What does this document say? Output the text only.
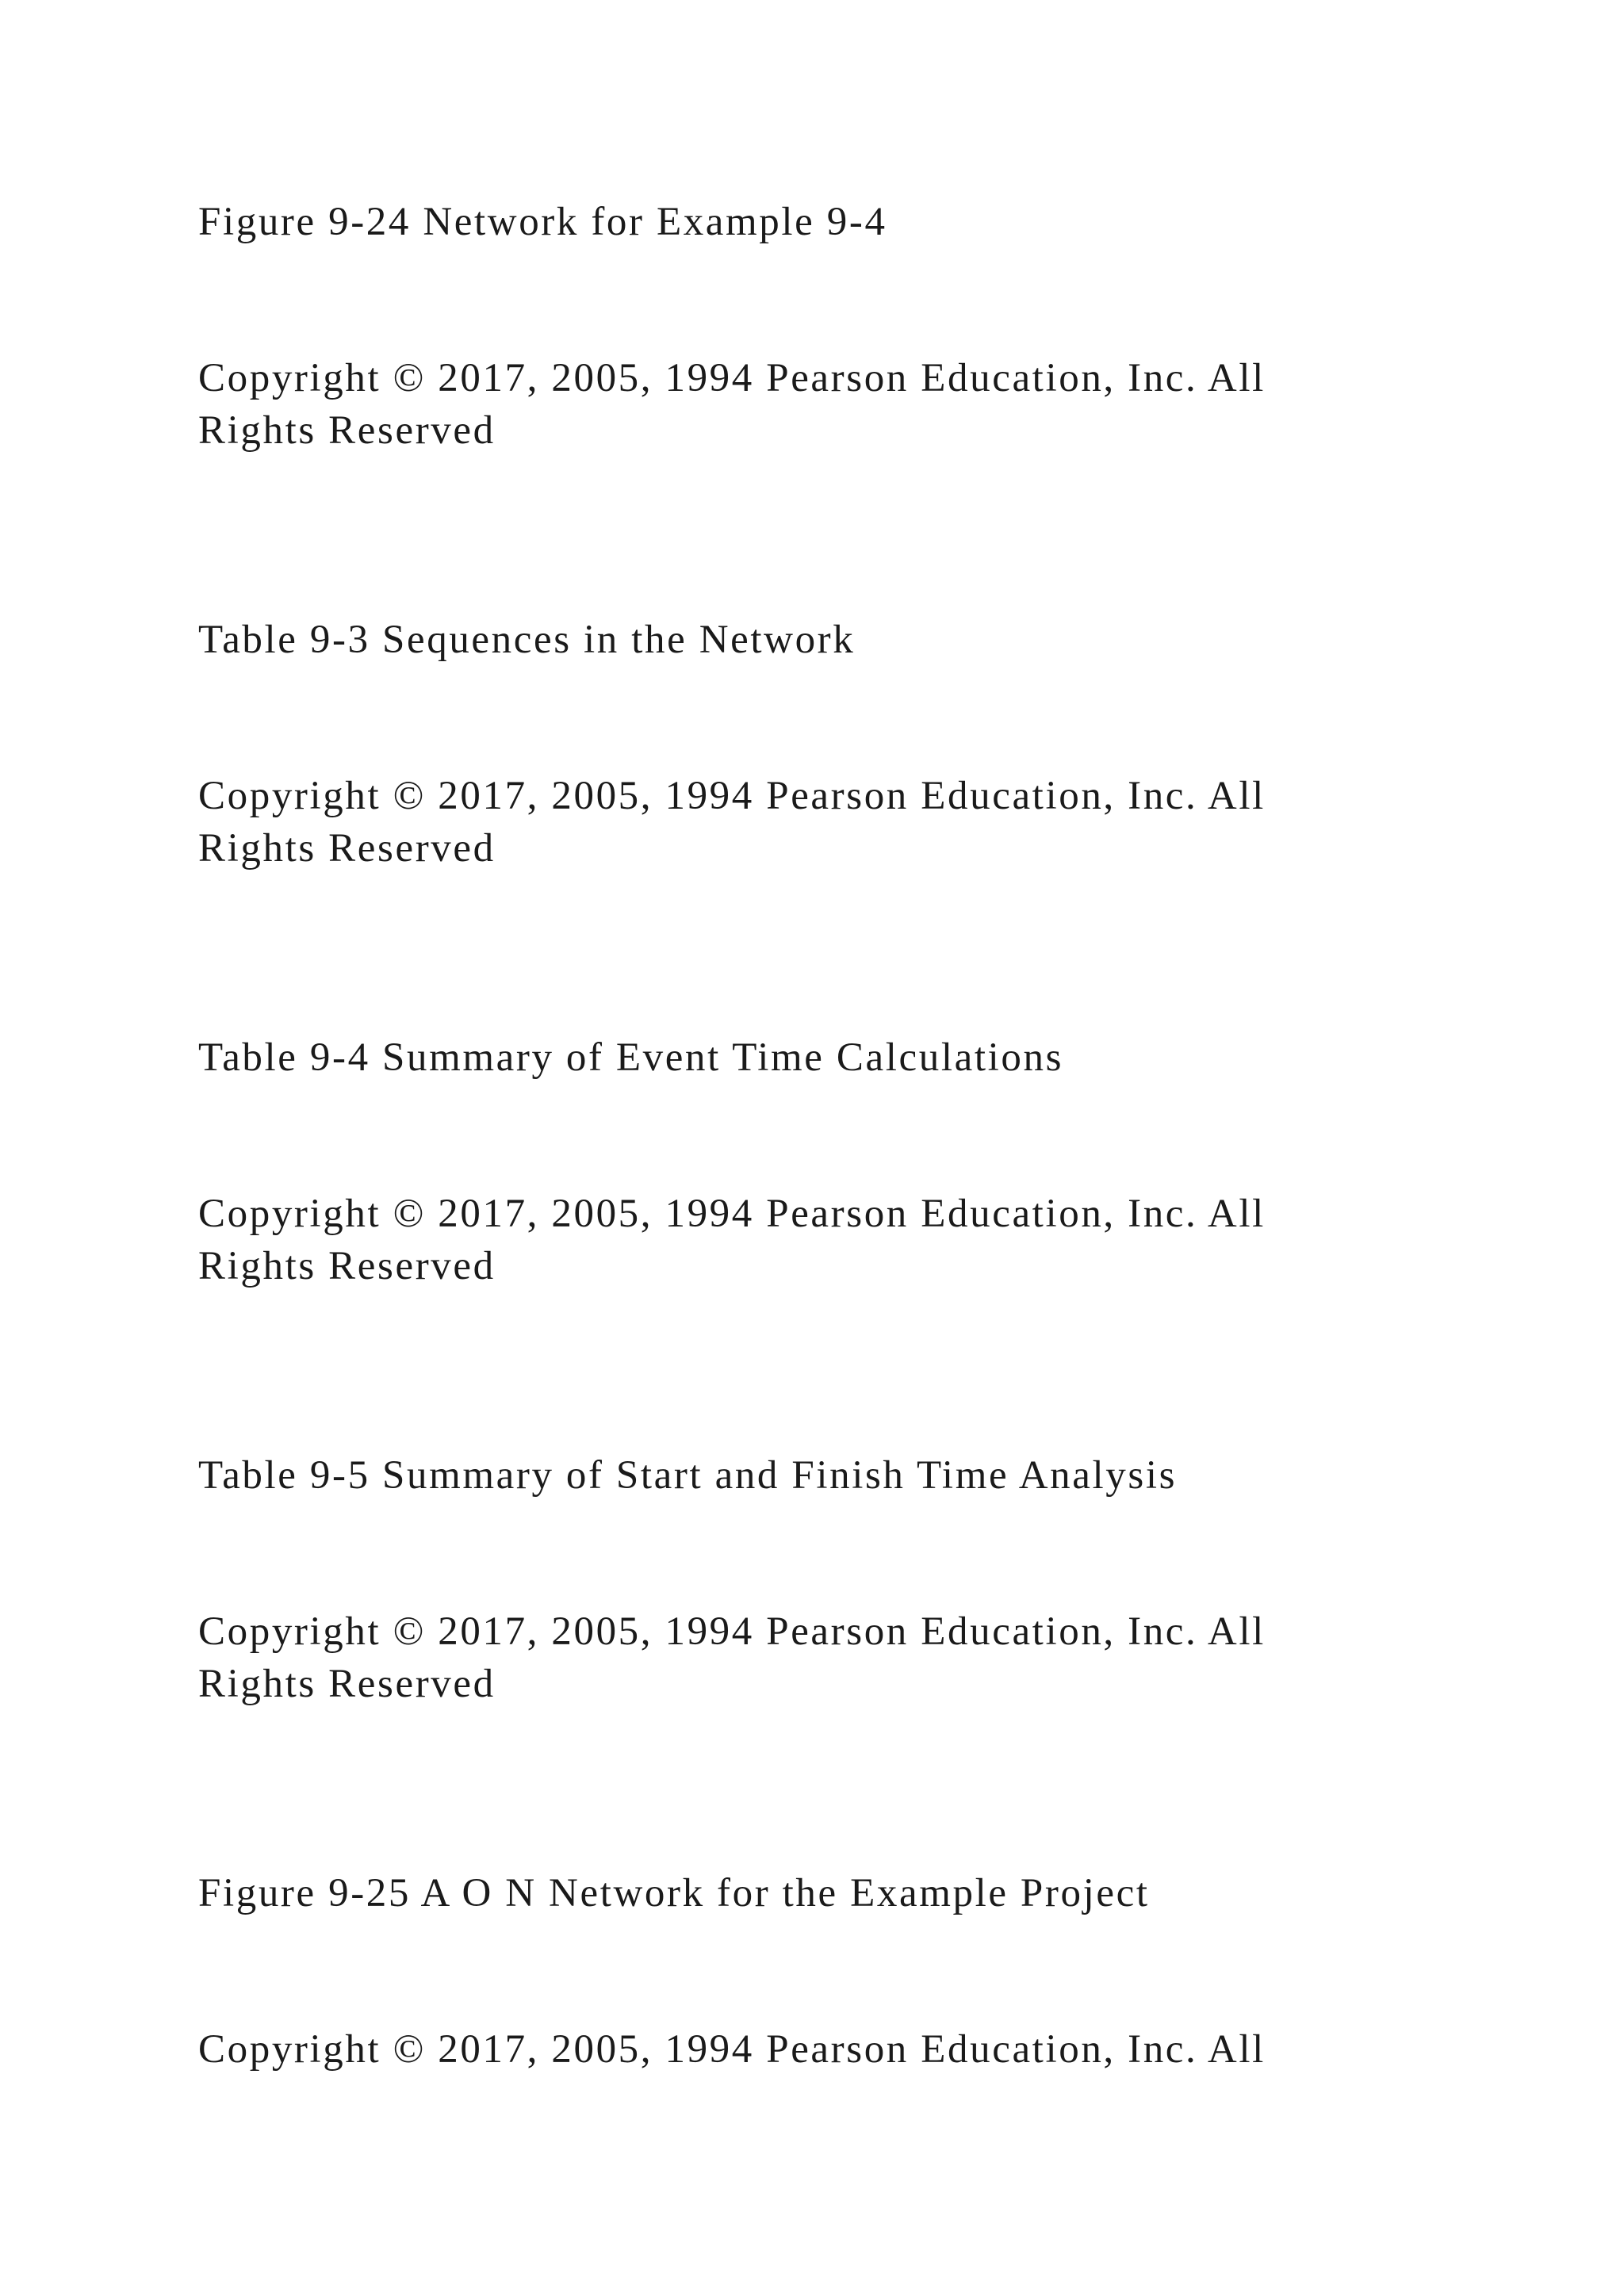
Figure 9-24 Network for Example 9-4

Copyright © 2017, 2005, 1994 Pearson Education, Inc. All

Rights Reserved

Table 9-3 Sequences in the Network

Copyright © 2017, 2005, 1994 Pearson Education, Inc. All

Rights Reserved

Table 9-4 Summary of Event Time Calculations

Copyright © 2017, 2005, 1994 Pearson Education, Inc. All

Rights Reserved

Table 9-5 Summary of Start and Finish Time Analysis

Copyright © 2017, 2005, 1994 Pearson Education, Inc. All

Rights Reserved

Figure 9-25 A O N Network for the Example Project

Copyright © 2017, 2005, 1994 Pearson Education, Inc. All
